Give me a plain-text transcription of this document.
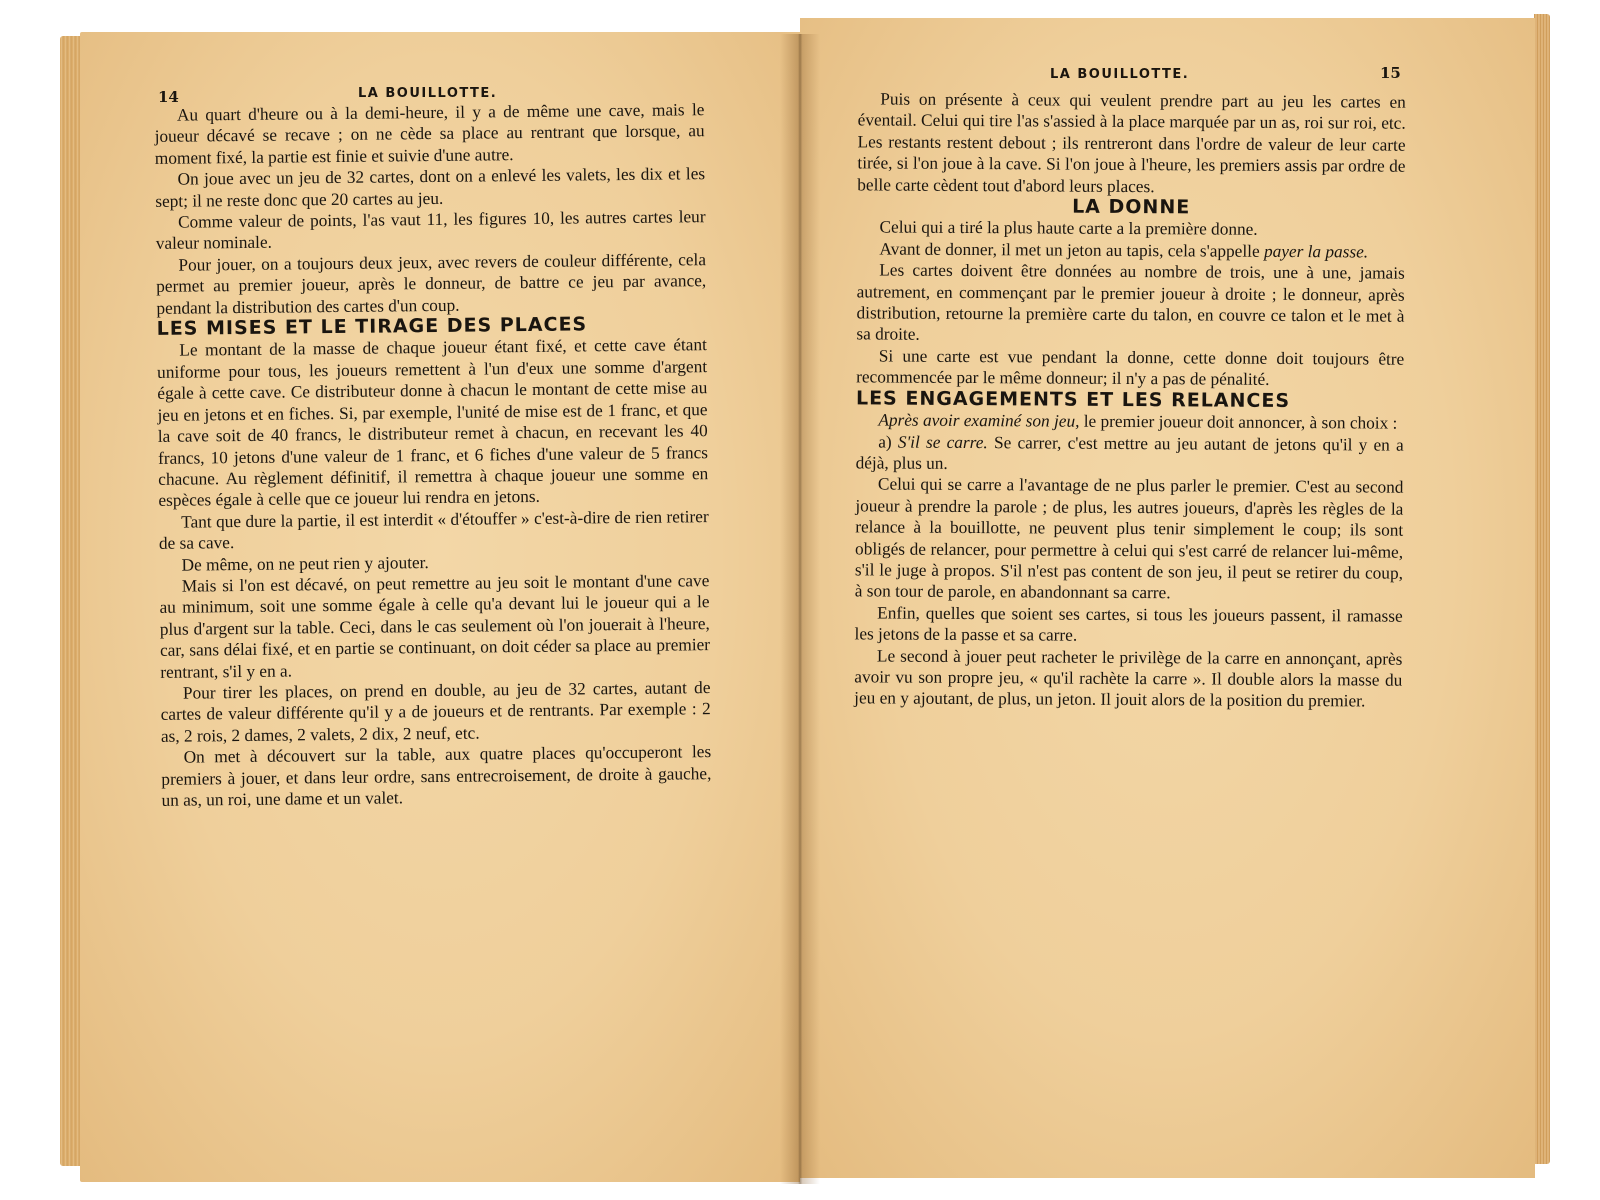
14	LA BOUILLOTTE.
LA BOUILLOTTE.	15

Au quart d'heure ou à la demi-heure, il y a de même une cave, mais le joueur décavé se recave ; on ne cède sa place au rentrant que lorsque, au moment fixé, la partie est finie et suivie d'une autre.

On joue avec un jeu de 32 cartes, dont on a enlevé les valets, les dix et les sept; il ne reste donc que 20 cartes au jeu.

Comme valeur de points, l'as vaut 11, les figures 10, les autres cartes leur valeur nominale.

Pour jouer, on a toujours deux jeux, avec revers de couleur différente, cela permet au premier joueur, après le donneur, de battre ce jeu par avance, pendant la distribution des cartes d'un coup.

LES MISES ET LE TIRAGE DES PLACES

Le montant de la masse de chaque joueur étant fixé, et cette cave étant uniforme pour tous, les joueurs remettent à l'un d'eux une somme d'argent égale à cette cave. Ce distributeur donne à chacun le montant de cette mise au jeu en jetons et en fiches. Si, par exemple, l'unité de mise est de 1 franc, et que la cave soit de 40 francs, le distributeur remet à chacun, en recevant les 40 francs, 10 jetons d'une valeur de 1 franc, et 6 fiches d'une valeur de 5 francs chacune. Au règlement définitif, il remettra à chaque joueur une somme en espèces égale à celle que ce joueur lui rendra en jetons.

Tant que dure la partie, il est interdit « d'étouffer » c'est-à-dire de rien retirer de sa cave.

De même, on ne peut rien y ajouter.

Mais si l'on est décavé, on peut remettre au jeu soit le montant d'une cave au minimum, soit une somme égale à celle qu'a devant lui le joueur qui a le plus d'argent sur la table. Ceci, dans le cas seulement où l'on jouerait à l'heure, car, sans délai fixé, et en partie se continuant, on doit céder sa place au premier rentrant, s'il y en a.

Pour tirer les places, on prend en double, au jeu de 32 cartes, autant de cartes de valeur différente qu'il y a de joueurs et de rentrants. Par exemple : 2 as, 2 rois, 2 dames, 2 valets, 2 dix, 2 neuf, etc.

On met à découvert sur la table, aux quatre places qu'occuperont les premiers à jouer, et dans leur ordre, sans entrecroisement, de droite à gauche, un as, un roi, une dame et un valet.

Puis on présente à ceux qui veulent prendre part au jeu les cartes en éventail. Celui qui tire l'as s'assied à la place marquée par un as, roi sur roi, etc. Les restants restent debout ; ils rentreront dans l'ordre de valeur de leur carte tirée, si l'on joue à la cave. Si l'on joue à l'heure, les premiers assis par ordre de belle carte cèdent tout d'abord leurs places.

LA DONNE

Celui qui a tiré la plus haute carte a la première donne.

Avant de donner, il met un jeton au tapis, cela s'appelle payer la passe.

Les cartes doivent être données au nombre de trois, une à une, jamais autrement, en commençant par le premier joueur à droite ; le donneur, après distribution, retourne la première carte du talon, en couvre ce talon et le met à sa droite.

Si une carte est vue pendant la donne, cette donne doit toujours être recommencée par le même donneur; il n'y a pas de pénalité.

LES ENGAGEMENTS ET LES RELANCES

Après avoir examiné son jeu, le premier joueur doit annoncer, à son choix :

a) S'il se carre. Se carrer, c'est mettre au jeu autant de jetons qu'il y en a déjà, plus un.

Celui qui se carre a l'avantage de ne plus parler le premier. C'est au second joueur à prendre la parole ; de plus, les autres joueurs, d'après les règles de la relance à la bouillotte, ne peuvent plus tenir simplement le coup; ils sont obligés de relancer, pour permettre à celui qui s'est carré de relancer lui-même, s'il le juge à propos. S'il n'est pas content de son jeu, il peut se retirer du coup, à son tour de parole, en abandonnant sa carre.

Enfin, quelles que soient ses cartes, si tous les joueurs passent, il ramasse les jetons de la passe et sa carre.

Le second à jouer peut racheter le privilège de la carre en annonçant, après avoir vu son propre jeu, « qu'il rachète la carre ». Il double alors la masse du jeu en y ajoutant, de plus, un jeton. Il jouit alors de la position du premier.
